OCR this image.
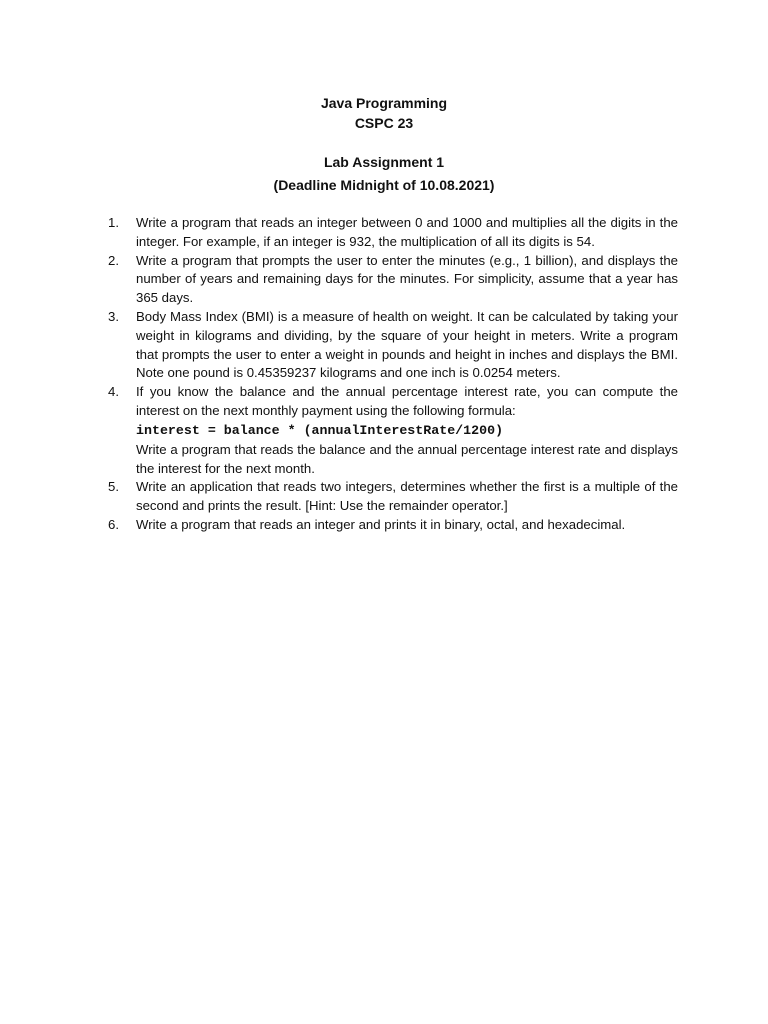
Java Programming
CSPC 23
Lab Assignment 1
(Deadline Midnight of 10.08.2021)
1.	Write a program that reads an integer between 0 and 1000 and multiplies all the digits in the integer. For example, if an integer is 932, the multiplication of all its digits is 54.
2.	Write a program that prompts the user to enter the minutes (e.g., 1 billion), and displays the number of years and remaining days for the minutes. For simplicity, assume that a year has 365 days.
3.	Body Mass Index (BMI) is a measure of health on weight. It can be calculated by taking your weight in kilograms and dividing, by the square of your height in meters. Write a program that prompts the user to enter a weight in pounds and height in inches and displays the BMI. Note one pound is 0.45359237 kilograms and one inch is 0.0254 meters.
4.	If you know the balance and the annual percentage interest rate, you can compute the interest on the next monthly payment using the following formula:
interest = balance * (annualInterestRate/1200)
Write a program that reads the balance and the annual percentage interest rate and displays the interest for the next month.
5.	Write an application that reads two integers, determines whether the first is a multiple of the second and prints the result. [Hint: Use the remainder operator.]
6.	Write a program that reads an integer and prints it in binary, octal, and hexadecimal.
